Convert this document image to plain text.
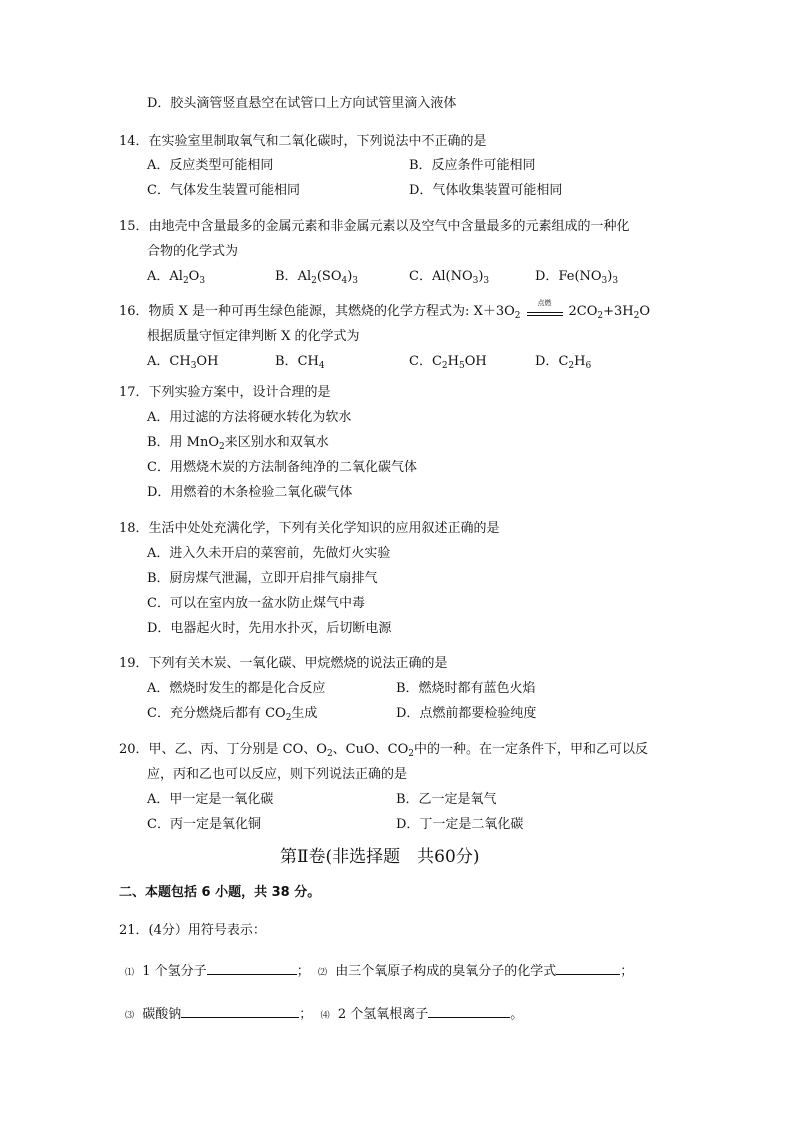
D．胶头滴管竖直悬空在试管口上方向试管里滴入液体
14．在实验室里制取氧气和二氧化碳时，下列说法中不正确的是
A．反应类型可能相同	B．反应条件可能相同
C．气体发生装置可能相同	D．气体收集装置可能相同
15．由地壳中含量最多的金属元素和非金属元素以及空气中含量最多的元素组成的一种化
合物的化学式为
A．$Al_2O_3$	B．$Al_2(SO_4)_3$	C．$Al(NO_3)_3$	D．$Fe(NO_3)_3$
16．物质 X 是一种可再生绿色能源，其燃烧的化学方程式为: $X+3O_2$
点燃
$2CO_2+3H_2O$
根据质量守恒定律判断 X 的化学式为
A．$CH_3OH$	B．$CH_4$	C．$C_2H_5OH$	D．$C_2H_6$
17．下列实验方案中，设计合理的是
A．用过滤的方法将硬水转化为软水
B．用 MnO$_2$来区别水和双氧水
C．用燃烧木炭的方法制备纯净的二氧化碳气体
D．用燃着的木条检验二氧化碳气体
18．生活中处处充满化学，下列有关化学知识的应用叙述正确的是
A．进入久未开启的菜窖前，先做灯火实验
B．厨房煤气泄漏，立即开启排气扇排气
C．可以在室内放一盆水防止煤气中毒
D．电器起火时，先用水扑灭，后切断电源
19．下列有关木炭、一氧化碳、甲烷燃烧的说法正确的是
A．燃烧时发生的都是化合反应	B．燃烧时都有蓝色火焰
C．充分燃烧后都有 $CO_2$生成	D．点燃前都要检验纯度
20．甲、乙、丙、丁分别是 CO、$O_2$、CuO、$CO_2$中的一种。在一定条件下，甲和乙可以反
应，丙和乙也可以反应，则下列说法正确的是
A．甲一定是一氧化碳	B．乙一定是氧气
C．丙一定是氧化铜	D．丁一定是二氧化碳
第Ⅱ卷(非选择题　共60分)
二、本题包括 6 小题，共 38 分。
21．(4分）用符号表示：
⑴ 1 个氢分子	； ⑵ 由三个氧原子构成的臭氧分子的化学式	；
⑶ 碳酸钠	； ⑷ 2 个氢氧根离子	。
